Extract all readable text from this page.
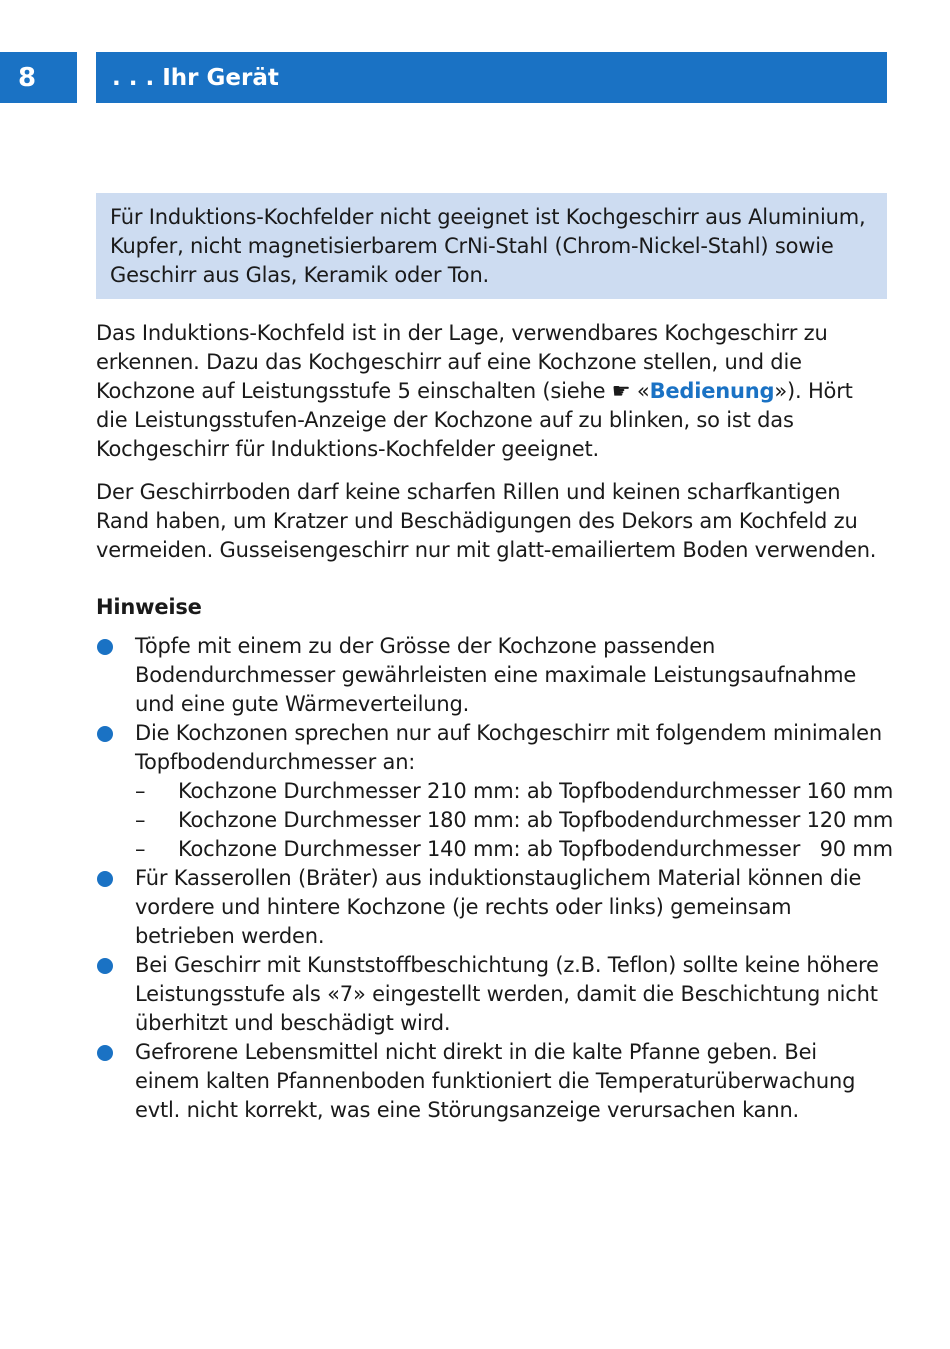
8	. . . Ihr Gerät
Für Induktions-Kochfelder nicht geeignet ist Kochgeschirr aus Aluminium, Kupfer, nicht magnetisierbarem CrNi-Stahl (Chrom-Nickel-Stahl) sowie Geschirr aus Glas, Keramik oder Ton.

Das Induktions-Kochfeld ist in der Lage, verwendbares Kochgeschirr zu erkennen. Dazu das Kochgeschirr auf eine Kochzone stellen, und die Kochzone auf Leistungsstufe 5 einschalten (siehe ☛ «Bedienung»). Hört die Leistungsstufen-Anzeige der Kochzone auf zu blinken, so ist das Kochgeschirr für Induktions-Kochfelder geeignet.

Der Geschirrboden darf keine scharfen Rillen und keinen scharfkantigen Rand haben, um Kratzer und Beschädigungen des Dekors am Kochfeld zu vermeiden. Gusseisengeschirr nur mit glatt-emailiertem Boden verwenden.

Hinweise
Töpfe mit einem zu der Grösse der Kochzone passenden Bodendurchmesser gewährleisten eine maximale Leistungsaufnahme und eine gute Wärmeverteilung.
Die Kochzonen sprechen nur auf Kochgeschirr mit folgendem minimalen Topfbodendurchmesser an:
–	Kochzone Durchmesser 210 mm: ab Topfbodendurchmesser 160 mm
–	Kochzone Durchmesser 180 mm: ab Topfbodendurchmesser 120 mm
–	Kochzone Durchmesser 140 mm: ab Topfbodendurchmesser   90 mm
Für Kasserollen (Bräter) aus induktionstauglichem Material können die vordere und hintere Kochzone (je rechts oder links) gemeinsam betrieben werden.
Bei Geschirr mit Kunststoffbeschichtung (z.B. Teflon) sollte keine höhere Leistungsstufe als «7» eingestellt werden, damit die Beschichtung nicht überhitzt und beschädigt wird.
Gefrorene Lebensmittel nicht direkt in die kalte Pfanne geben. Bei einem kalten Pfannenboden funktioniert die Temperaturüberwachung evtl. nicht korrekt, was eine Störungsanzeige verursachen kann.
